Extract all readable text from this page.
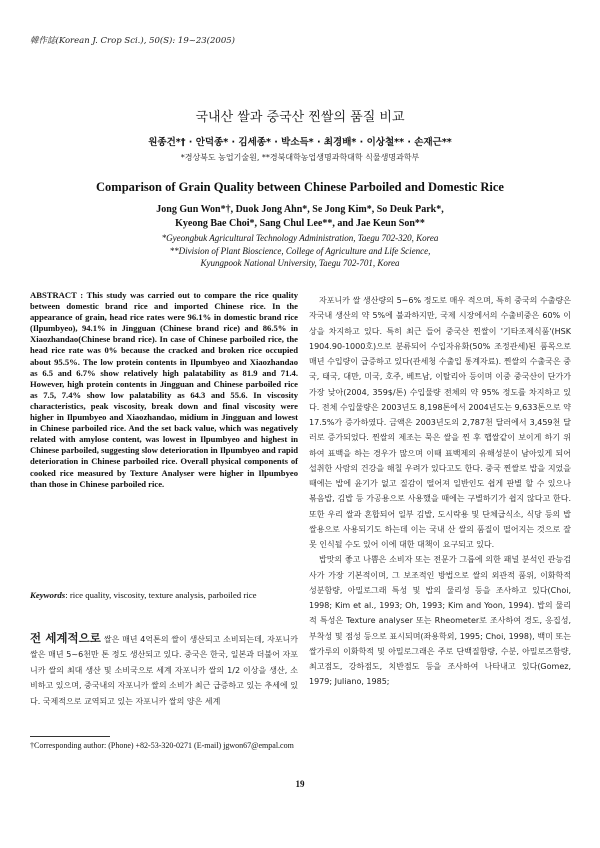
韓作誌(Korean J. Crop Sci.), 50(S): 19~23(2005)
국내산 쌀과 중국산 찐쌀의 품질 비교
원종건*† · 안덕종* · 김세종* · 박소득* · 최경배* · 이상철** · 손재근**
*경상북도 농업기술원, **경북대학농업생명과학대학 식물생명과학부
Comparison of Grain Quality between Chinese Parboiled and Domestic Rice
Jong Gun Won*†, Duok Jong Ahn*, Se Jong Kim*, So Deuk Park*,
Kyeong Bae Choi*, Sang Chul Lee**, and Jae Keun Son**
*Gyeongbuk Agricultural Technology Administration, Taegu 702-320, Korea
**Division of Plant Bioscience, College of Agriculture and Life Science,
Kyungpook National University, Taegu 702-701, Korea
ABSTRACT : This study was carried out to compare the rice quality between domestic brand rice and imported Chinese rice. In the appearance of grain, head rice rates were 96.1% in domestic brand rice (Ilpumbyeo), 94.1% in Jingguan (Chinese brand rice) and 86.5% in Xiaozhandao(Chinese brand rice). In case of Chinese parboiled rice, the head rice rate was 0% because the cracked and broken rice occupied about 95.5%. The low protein contents in Ilpumbyeo and Xiaozhandao as 6.5 and 6.7% show relatively high palatability as 81.9 and 71.4. However, high protein contents in Jingguan and Chinese parboiled rice as 7.5, 7.4% show low palatability as 64.3 and 55.6. In viscosity characteristics, peak viscosity, break down and final viscosity were higher in Ilpumbyeo and Xiaozhandao, midium in Jingguan and lowest in Chinese parboiled rice. And the set back value, which was negatively related with amylose content, was lowest in Ilpumbyeo and highest in Chinese parboiled, suggesting slow deterioration in Ilpumbyeo and rapid deterioration in Chinese parboiled rice. Overall physical components of cooked rice measured by Texture Analyser were higher in Ilpumbyeo than those in Chinese parboiled rice.
Keywords: rice quality, viscosity, texture analysis, parboiled rice
전 세계적으로 쌀은 매년 4억톤의 쌀이 생산되고 소비되는데, 자포니카 쌀은 매년 5~6천만 톤 정도 생산되고 있다. 중국은 한국, 일본과 더불어 자포니카 쌀의 최대 생산 및 소비국으로 세계 자포니카 쌀의 1/2 이상을 생산, 소비하고 있으며, 중국내의 자포니카 쌀의 소비가 최근 급증하고 있는 추세에 있다. 국제적으로 교역되고 있는 자포니카 쌀의 양은 세계
†Corresponding author: (Phone) +82-53-320-0271 (E-mail) jgwon67@empal.com

자포니카 쌀 생산량의 5~6% 정도로 매우 적으며, 특히 중국의 수출량은 자국내 생산의 약 5%에 불과하지만, 국제 시장에서의 수출비중은 60% 이상을 차지하고 있다. 특히 최근 들어 중국산 찐쌀이 '기타조제식품'(HSK 1904.90-1000호)으로 분류되어 수입자유화(50% 조정관세)된 품목으로 매년 수입량이 급증하고 있다(관세청 수출입 통계자료). 찐쌀의 수출국은 중국, 태국, 대만, 미국, 호주, 베트남, 이탈리아 등이며 이중 중국산이 단가가 가장 낮아(2004, 359$/톤) 수입물량 전체의 약 95% 정도를 차지하고 있다. 전체 수입물량은 2003년도 8,198톤에서 2004년도는 9,633톤으로 약 17.5%가 증가하였다. 금액은 2003년도의 2,787천 달러에서 3,459천 달러로 증가되었다. 찐쌀의 제조는 묵은 쌀을 찐 후 햅쌀같이 보이게 하기 위하여 표백을 하는 경우가 많으며 이때 표백제의 유해성분이 남아있게 되어 섭취한 사람의 건강을 해칠 우려가 있다고도 한다. 중국 찐쌀로 밥을 지었을 때에는 밥에 윤기가 없고 질감이 떨어져 일반인도 쉽게 판별 할 수 있으나 볶음밥, 김밥 등 가공용으로 사용했을 때에는 구별하기가 쉽지 않다고 한다. 또한 우리 쌀과 혼합되어 일부 김밥, 도시락용 및 단체급식소, 식당 등의 밥쌀용으로 사용되기도 하는데 이는 국내 산 쌀의 품질이 떨어지는 것으로 잘못 인식될 수도 있어 이에 대한 대책이 요구되고 있다.

밥맛의 좋고 나쁨은 소비자 또는 전문가 그룹에 의한 패널 분석인 관능검사가 가장 기본적이며, 그 보조적인 방법으로 쌀의 외관적 품위, 이화학적 성분함량, 아밀로그래 특성 및 밥의 물리성 등을 조사하고 있다(Choi, 1998; Kim et al., 1993; Oh, 1993; Kim and Yoon, 1994). 밥의 물리적 특성은 Texture analyser 또는 Rheometer로 조사하여 경도, 응집성, 부착성 및 점성 등으로 표시되며(좌용학외, 1995; Choi, 1998), 백미 또는 쌀가루의 이화학적 및 아밀로그래은 주로 단백질함량, 수분, 아밀로즈함량, 최고점도, 강하점도, 치반점도 등을 조사하여 나타내고 있다(Gomez, 1979; Juliano, 1985;

19
